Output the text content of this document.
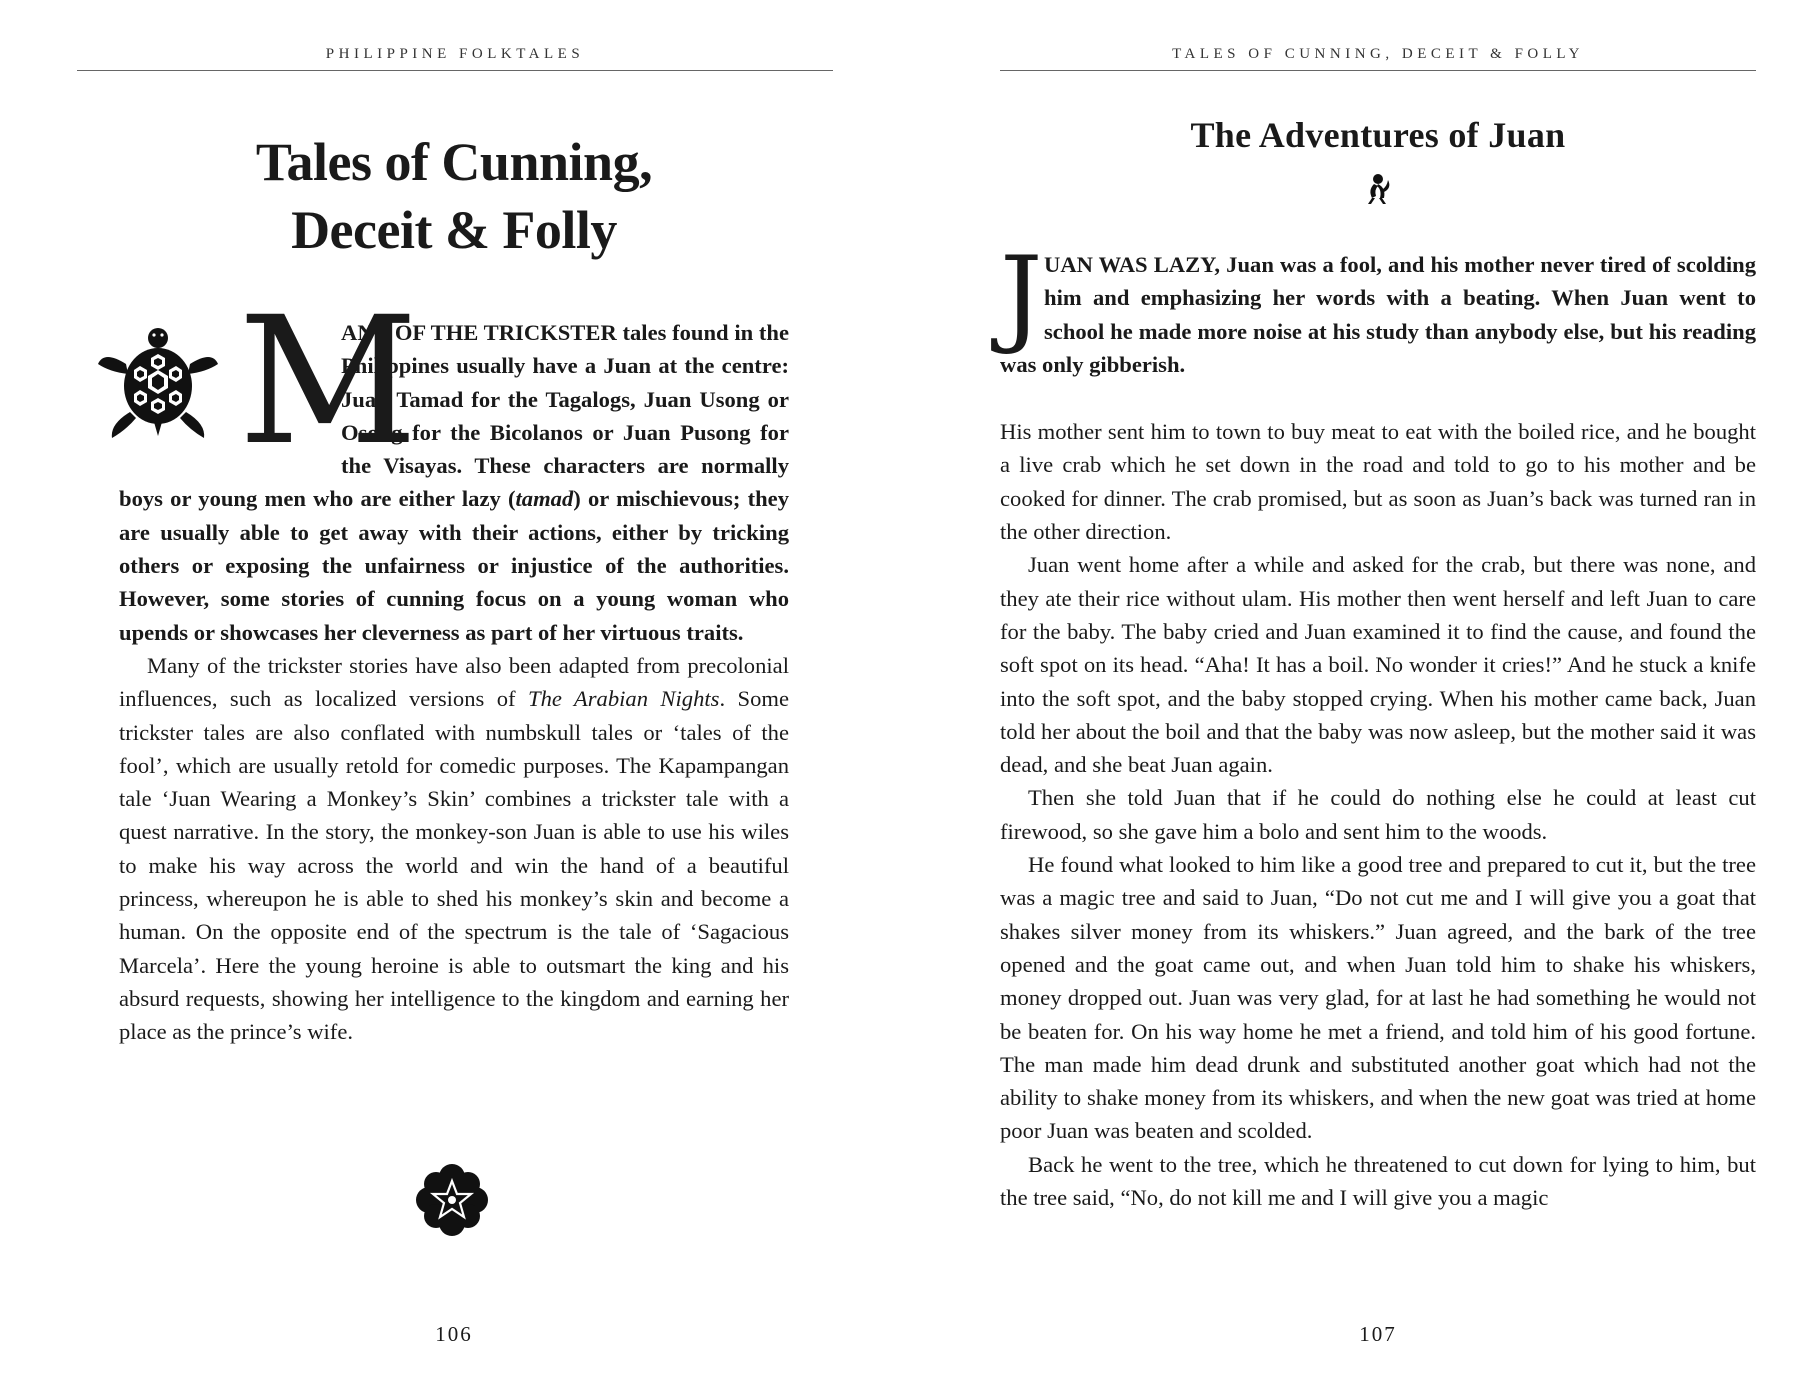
PHILIPPINE FOLKTALES
Tales of Cunning,
Deceit & Folly
M

ANY OF THE TRICKSTER tales found in the Philippines usually have a Juan at the centre: Juan Tamad for the Tagalogs, Juan Usong or Osong for the Bicolanos or Juan Pusong for the Visayas. These characters are normally boys or young men who are either lazy (tamad) or mischievous; they are usually able to get away with their actions, either by tricking others or exposing the unfairness or injustice of the authorities. However, some stories of cunning focus on a young woman who upends or showcases her cleverness as part of her virtuous traits.

Many of the trickster stories have also been adapted from precolonial influences, such as localized versions of The Arabian Nights. Some trickster tales are also conflated with numbskull tales or ‘tales of the fool’, which are usually retold for comedic purposes. The Kapampangan tale ‘Juan Wearing a Monkey’s Skin’ combines a trickster tale with a quest narrative. In the story, the monkey-son Juan is able to use his wiles to make his way across the world and win the hand of a beautiful princess, whereupon he is able to shed his monkey’s skin and become a human. On the opposite end of the spectrum is the tale of ‘Sagacious Marcela’. Here the young heroine is able to outsmart the king and his absurd requests, showing her intelligence to the kingdom and earning her place as the prince’s wife.

106
TALES OF CUNNING, DECEIT & FOLLY
The Adventures of Juan
J UAN WAS LAZY, Juan was a fool, and his mother never tired of scolding him and emphasizing her words with a beating. When Juan went to school he made more noise at his study than anybody else, but his reading was only gibberish.

His mother sent him to town to buy meat to eat with the boiled rice, and he bought a live crab which he set down in the road and told to go to his mother and be cooked for dinner. The crab promised, but as soon as Juan’s back was turned ran in the other direction.

Juan went home after a while and asked for the crab, but there was none, and they ate their rice without ulam. His mother then went herself and left Juan to care for the baby. The baby cried and Juan examined it to find the cause, and found the soft spot on its head. “Aha! It has a boil. No wonder it cries!” And he stuck a knife into the soft spot, and the baby stopped crying. When his mother came back, Juan told her about the boil and that the baby was now asleep, but the mother said it was dead, and she beat Juan again.

Then she told Juan that if he could do nothing else he could at least cut firewood, so she gave him a bolo and sent him to the woods.

He found what looked to him like a good tree and prepared to cut it, but the tree was a magic tree and said to Juan, “Do not cut me and I will give you a goat that shakes silver money from its whiskers.” Juan agreed, and the bark of the tree opened and the goat came out, and when Juan told him to shake his whiskers, money dropped out. Juan was very glad, for at last he had something he would not be beaten for. On his way home he met a friend, and told him of his good fortune. The man made him dead drunk and substituted another goat which had not the ability to shake money from its whiskers, and when the new goat was tried at home poor Juan was beaten and scolded.

Back he went to the tree, which he threatened to cut down for lying to him, but the tree said, “No, do not kill me and I will give you a magic

107
